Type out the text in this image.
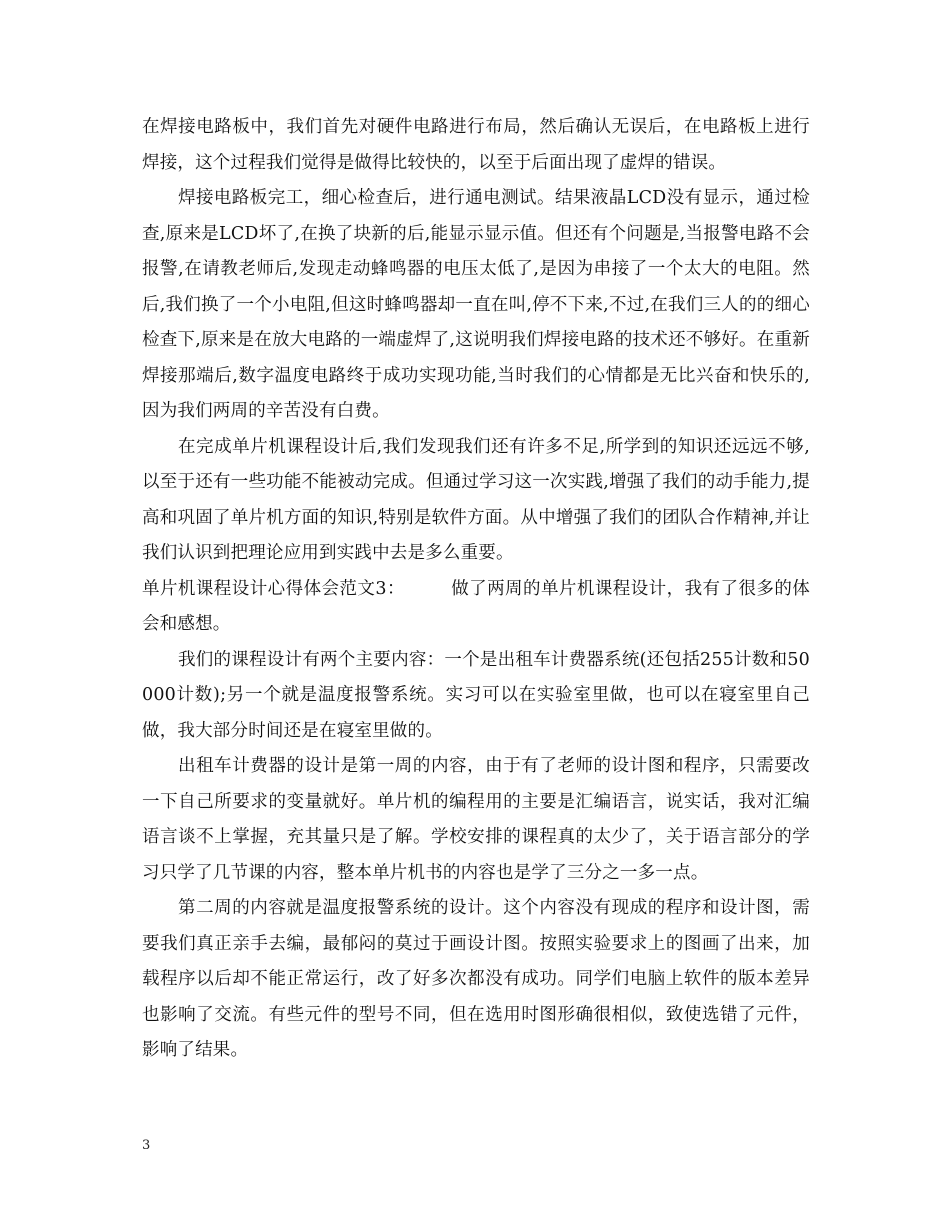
在焊接电路板中，我们首先对硬件电路进行布局，然后确认无误后，在电路板上进行焊接，这个过程我们觉得是做得比较快的，以至于后面出现了虚焊的错误。

焊接电路板完工，细心检查后，进行通电测试。结果液晶LCD没有显示，通过检查,原来是LCD坏了,在换了块新的后,能显示显示值。但还有个问题是,当报警电路不会报警,在请教老师后,发现走动蜂鸣器的电压太低了,是因为串接了一个太大的电阻。然后,我们换了一个小电阻,但这时蜂鸣器却一直在叫,停不下来,不过,在我们三人的的细心检查下,原来是在放大电路的一端虚焊了,这说明我们焊接电路的技术还不够好。在重新焊接那端后,数字温度电路终于成功实现功能,当时我们的心情都是无比兴奋和快乐的,因为我们两周的辛苦没有白费。

在完成单片机课程设计后,我们发现我们还有许多不足,所学到的知识还远远不够,以至于还有一些功能不能被动完成。但通过学习这一次实践,增强了我们的动手能力,提高和巩固了单片机方面的知识,特别是软件方面。从中增强了我们的团队合作精神,并让我们认识到把理论应用到实践中去是多么重要。

单片机课程设计心得体会范文3：	做了两周的单片机课程设计，我有了很多的体会和感想。

我们的课程设计有两个主要内容：一个是出租车计费器系统(还包括255计数和50000计数);另一个就是温度报警系统。实习可以在实验室里做，也可以在寝室里自己做，我大部分时间还是在寝室里做的。

出租车计费器的设计是第一周的内容，由于有了老师的设计图和程序，只需要改一下自己所要求的变量就好。单片机的编程用的主要是汇编语言，说实话，我对汇编语言谈不上掌握，充其量只是了解。学校安排的课程真的太少了，关于语言部分的学习只学了几节课的内容，整本单片机书的内容也是学了三分之一多一点。

第二周的内容就是温度报警系统的设计。这个内容没有现成的程序和设计图，需要我们真正亲手去编，最郁闷的莫过于画设计图。按照实验要求上的图画了出来，加载程序以后却不能正常运行，改了好多次都没有成功。同学们电脑上软件的版本差异也影响了交流。有些元件的型号不同，但在选用时图形确很相似，致使选错了元件，影响了结果。

3
